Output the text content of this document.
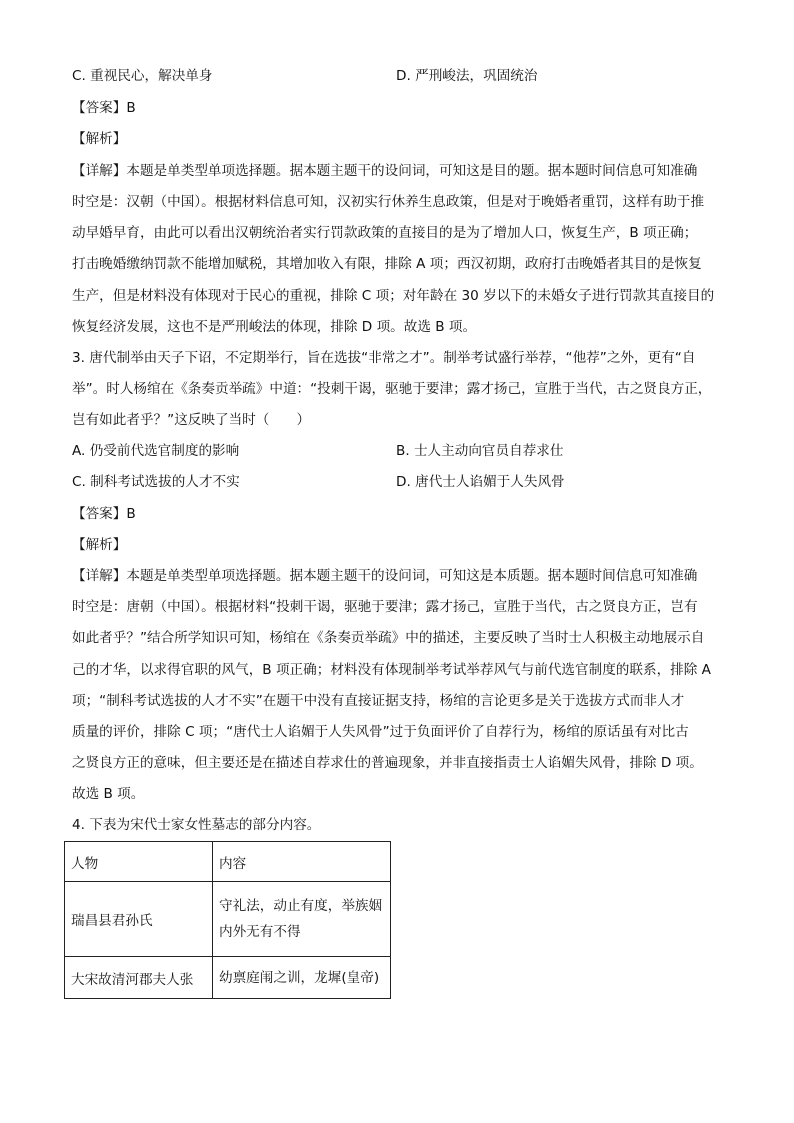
C. 重视民心，解决单身	D. 严刑峻法，巩固统治
【答案】B
【解析】
【详解】本题是单类型单项选择题。据本题主题干的设问词，可知这是目的题。据本题时间信息可知准确
时空是：汉朝（中国）。根据材料信息可知，汉初实行休养生息政策，但是对于晚婚者重罚，这样有助于推
动早婚早育，由此可以看出汉朝统治者实行罚款政策的直接目的是为了增加人口，恢复生产，B 项正确；
打击晚婚缴纳罚款不能增加赋税，其增加收入有限，排除 A 项；西汉初期，政府打击晚婚者其目的是恢复
生产，但是材料没有体现对于民心的重视，排除 C 项；对年龄在 30 岁以下的未婚女子进行罚款其直接目的
恢复经济发展，这也不是严刑峻法的体现，排除 D 项。故选 B 项。
3. 唐代制举由天子下诏，不定期举行，旨在选拔“非常之才”。制举考试盛行举荐，“他荐”之外，更有“自
举”。时人杨绾在《条奏贡举疏》中道：“投刺干谒，驱驰于要津；露才扬己，宣胜于当代，古之贤良方正，
岂有如此者乎？”这反映了当时（　　）
A. 仍受前代选官制度的影响	B. 士人主动向官员自荐求仕
C. 制科考试选拔的人才不实	D. 唐代士人谄媚于人失风骨
【答案】B
【解析】
【详解】本题是单类型单项选择题。据本题主题干的设问词，可知这是本质题。据本题时间信息可知准确
时空是：唐朝（中国）。根据材料“投刺干谒，驱驰于要津；露才扬己，宣胜于当代，古之贤良方正，岂有
如此者乎？”结合所学知识可知，杨绾在《条奏贡举疏》中的描述，主要反映了当时士人积极主动地展示自
己的才华，以求得官职的风气，B 项正确；材料没有体现制举考试举荐风气与前代选官制度的联系，排除 A
项；“制科考试选拔的人才不实”在题干中没有直接证据支持，杨绾的言论更多是关于选拔方式而非人才
质量的评价，排除 C 项；“唐代士人谄媚于人失风骨”过于负面评价了自荐行为，杨绾的原话虽有对比古
之贤良方正的意味，但主要还是在描述自荐求仕的普遍现象，并非直接指责士人谄媚失风骨，排除 D 项。
故选 B 项。
4. 下表为宋代士家女性墓志的部分内容。
人物	内容
瑞昌县君孙氏	守礼法，动止有度，举族姻
内外无有不得

大宋故清河郡夫人张	幼禀庭闱之训，龙墀(皇帝)
